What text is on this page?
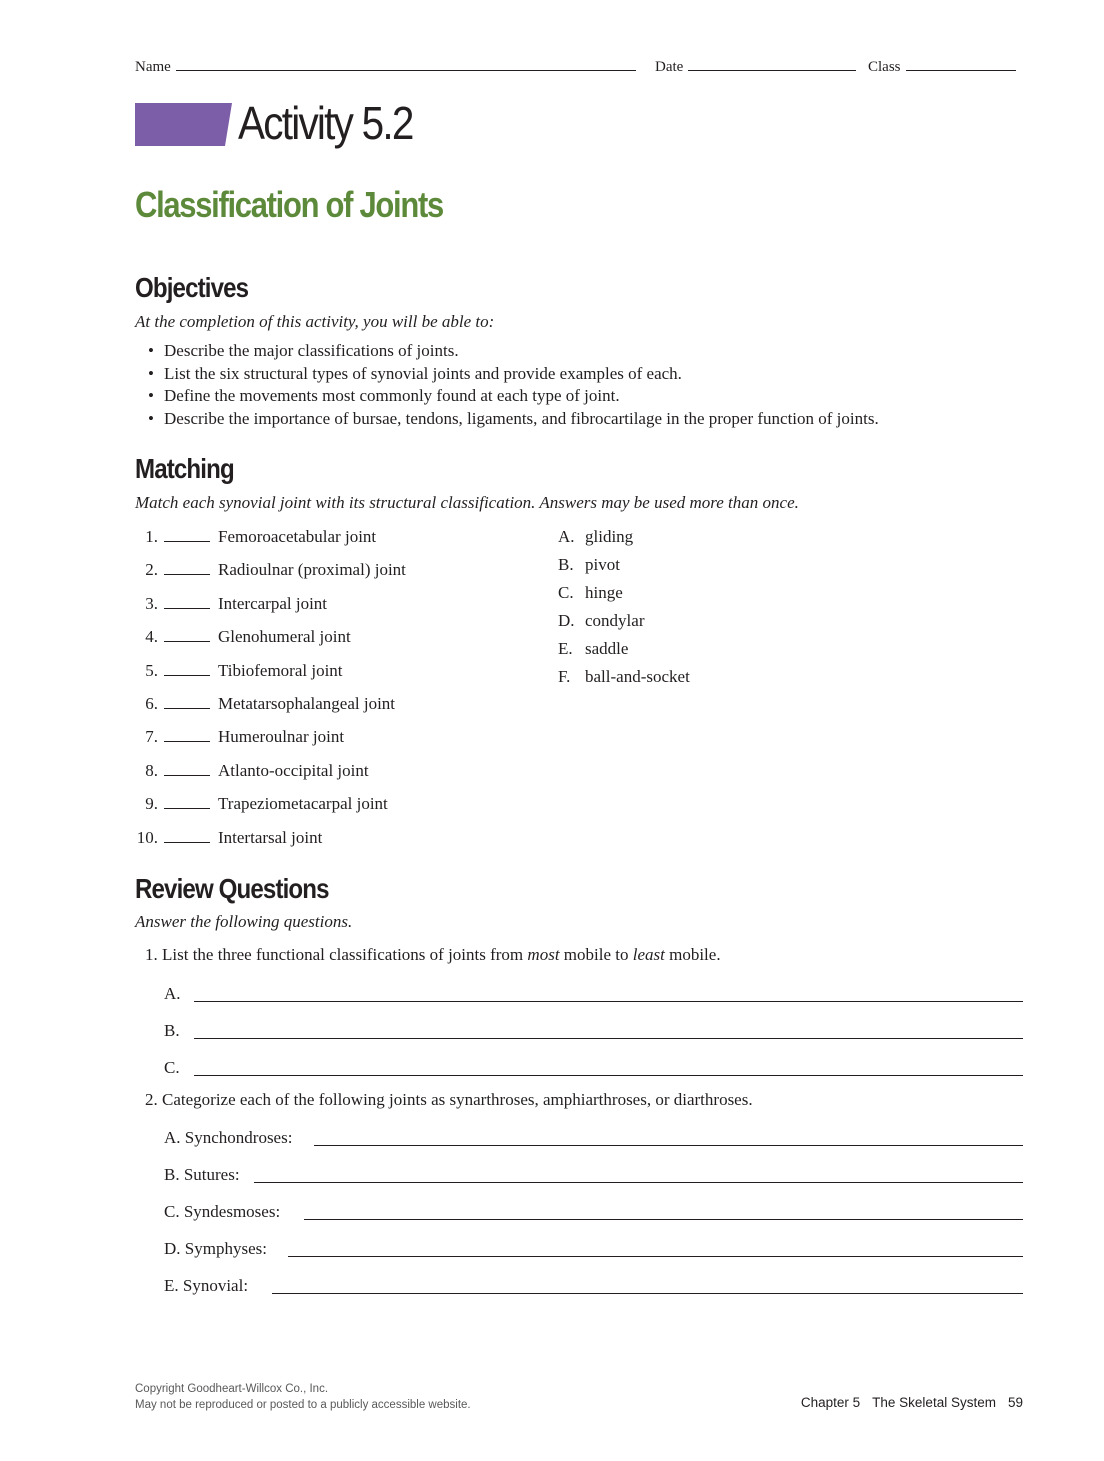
Name	Date	Class
Activity 5.2
Classification of Joints
Objectives
At the completion of this activity, you will be able to:
• Describe the major classifications of joints.
• List the six structural types of synovial joints and provide examples of each.
• Define the movements most commonly found at each type of joint.
• Describe the importance of bursae, tendons, ligaments, and fibrocartilage in the proper function of joints.
Matching
Match each synovial joint with its structural classification. Answers may be used more than once.
1.	Femoroacetabular joint
2.	Radioulnar (proximal) joint
3.	Intercarpal joint
4.	Glenohumeral joint
5.	Tibiofemoral joint
6.	Metatarsophalangeal joint
7.	Humeroulnar joint
8.	Atlanto-occipital joint
9.	Trapeziometacarpal joint
10.	Intertarsal joint
A. gliding
B. pivot
C. hinge
D. condylar
E. saddle
F. ball-and-socket
Review Questions
Answer the following questions.
1. List the three functional classifications of joints from most mobile to least mobile.
A.
B.
C.
2. Categorize each of the following joints as synarthroses, amphiarthroses, or diarthroses.
A. Synchondroses:
B. Sutures:
C. Syndesmoses:
D. Symphyses:
E. Synovial:
Copyright Goodheart-Willcox Co., Inc.
May not be reproduced or posted to a publicly accessible website.	Chapter 5 The Skeletal System 59
